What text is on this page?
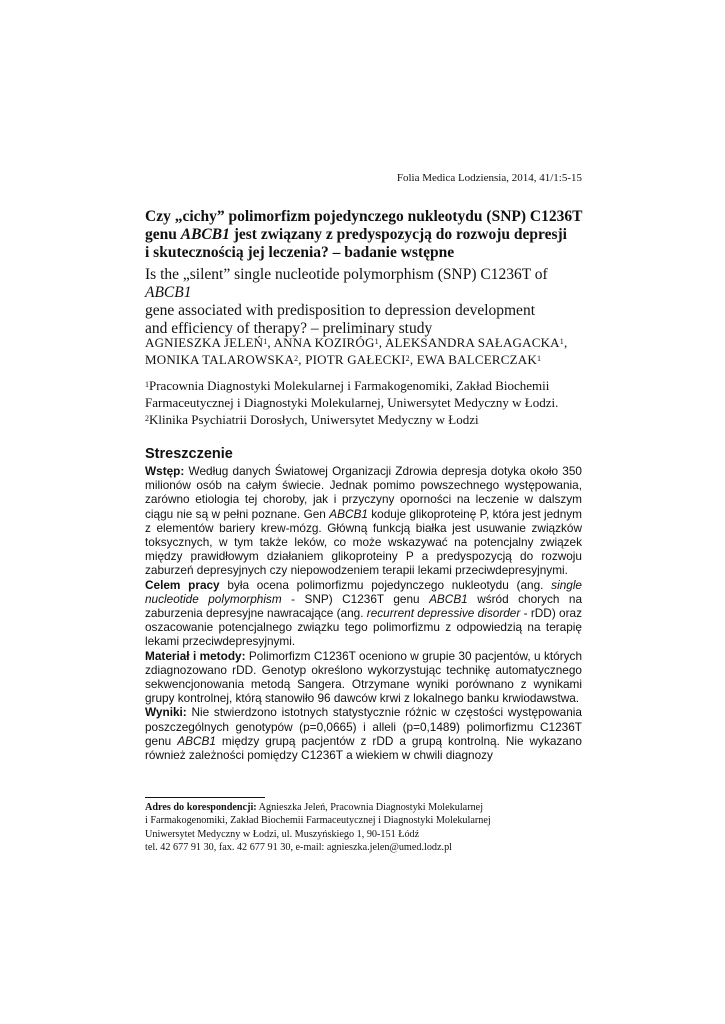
Folia Medica Lodziensia, 2014, 41/1:5-15
Czy „cichy” polimorfizm pojedynczego nukleotydu (SNP) C1236T
genu ABCB1 jest związany z predyspozycją do rozwoju depresji
i skutecznością jej leczenia? – badanie wstępne
Is the „silent” single nucleotide polymorphism (SNP) C1236T of ABCB1
gene associated with predisposition to depression development
and efficiency of therapy? – preliminary study
AGNIESZKA JELEŃ$^1$, ANNA KOZIRÓG$^1$, ALEKSANDRA SAŁAGACKA$^1$,
MONIKA TALAROWSKA$^2$, PIOTR GAŁECKI$^2$, EWA BALCERCZAK$^1$
$^1$Pracownia Diagnostyki Molekularnej i Farmakogenomiki, Zakład Biochemii
Farmaceutycznej i Diagnostyki Molekularnej, Uniwersytet Medyczny w Łodzi.
$^2$Klinika Psychiatrii Dorosłych, Uniwersytet Medyczny w Łodzi
Streszczenie

Wstęp: Według danych Światowej Organizacji Zdrowia depresja dotyka około 350 milionów osób na całym świecie. Jednak pomimo powszechnego występowania, zarówno etiologia tej choroby, jak i przyczyny oporności na leczenie w dalszym ciągu nie są w pełni poznane. Gen ABCB1 koduje glikoproteinę P, która jest jednym z elementów bariery krew-mózg. Główną funkcją białka jest usuwanie związków toksycznych, w tym także leków, co może wskazywać na potencjalny związek między prawidłowym działaniem glikoproteiny P a predyspozycją do rozwoju zaburzeń depresyjnych czy niepowodzeniem terapii lekami przeciwdepresyjnymi.

Celem pracy była ocena polimorfizmu pojedynczego nukleotydu (ang. single nucleotide polymorphism - SNP) C1236T genu ABCB1 wśród chorych na zaburzenia depresyjne nawracające (ang. recurrent depressive disorder - rDD) oraz oszacowanie potencjalnego związku tego polimorfizmu z odpowiedzią na terapię lekami przeciwdepresyjnymi.

Materiał i metody: Polimorfizm C1236T oceniono w grupie 30 pacjentów, u których zdiagnozowano rDD. Genotyp określono wykorzystując technikę automatycznego sekwencjonowania metodą Sangera. Otrzymane wyniki porównano z wynikami grupy kontrolnej, którą stanowiło 96 dawców krwi z lokalnego banku krwiodawstwa.

Wyniki: Nie stwierdzono istotnych statystycznie różnic w częstości występowania poszczególnych genotypów (p=0,0665) i alleli (p=0,1489) polimorfizmu C1236T genu ABCB1 między grupą pacjentów z rDD a grupą kontrolną. Nie wykazano również zależności pomiędzy C1236T a wiekiem w chwili diagnozy

Adres do korespondencji: Agnieszka Jeleń, Pracownia Diagnostyki Molekularnej
i Farmakogenomiki, Zakład Biochemii Farmaceutycznej i Diagnostyki Molekularnej
Uniwersytet Medyczny w Łodzi, ul. Muszyńskiego 1, 90-151 Łódź
tel. 42 677 91 30, fax. 42 677 91 30, e-mail: agnieszka.jelen@umed.lodz.pl
